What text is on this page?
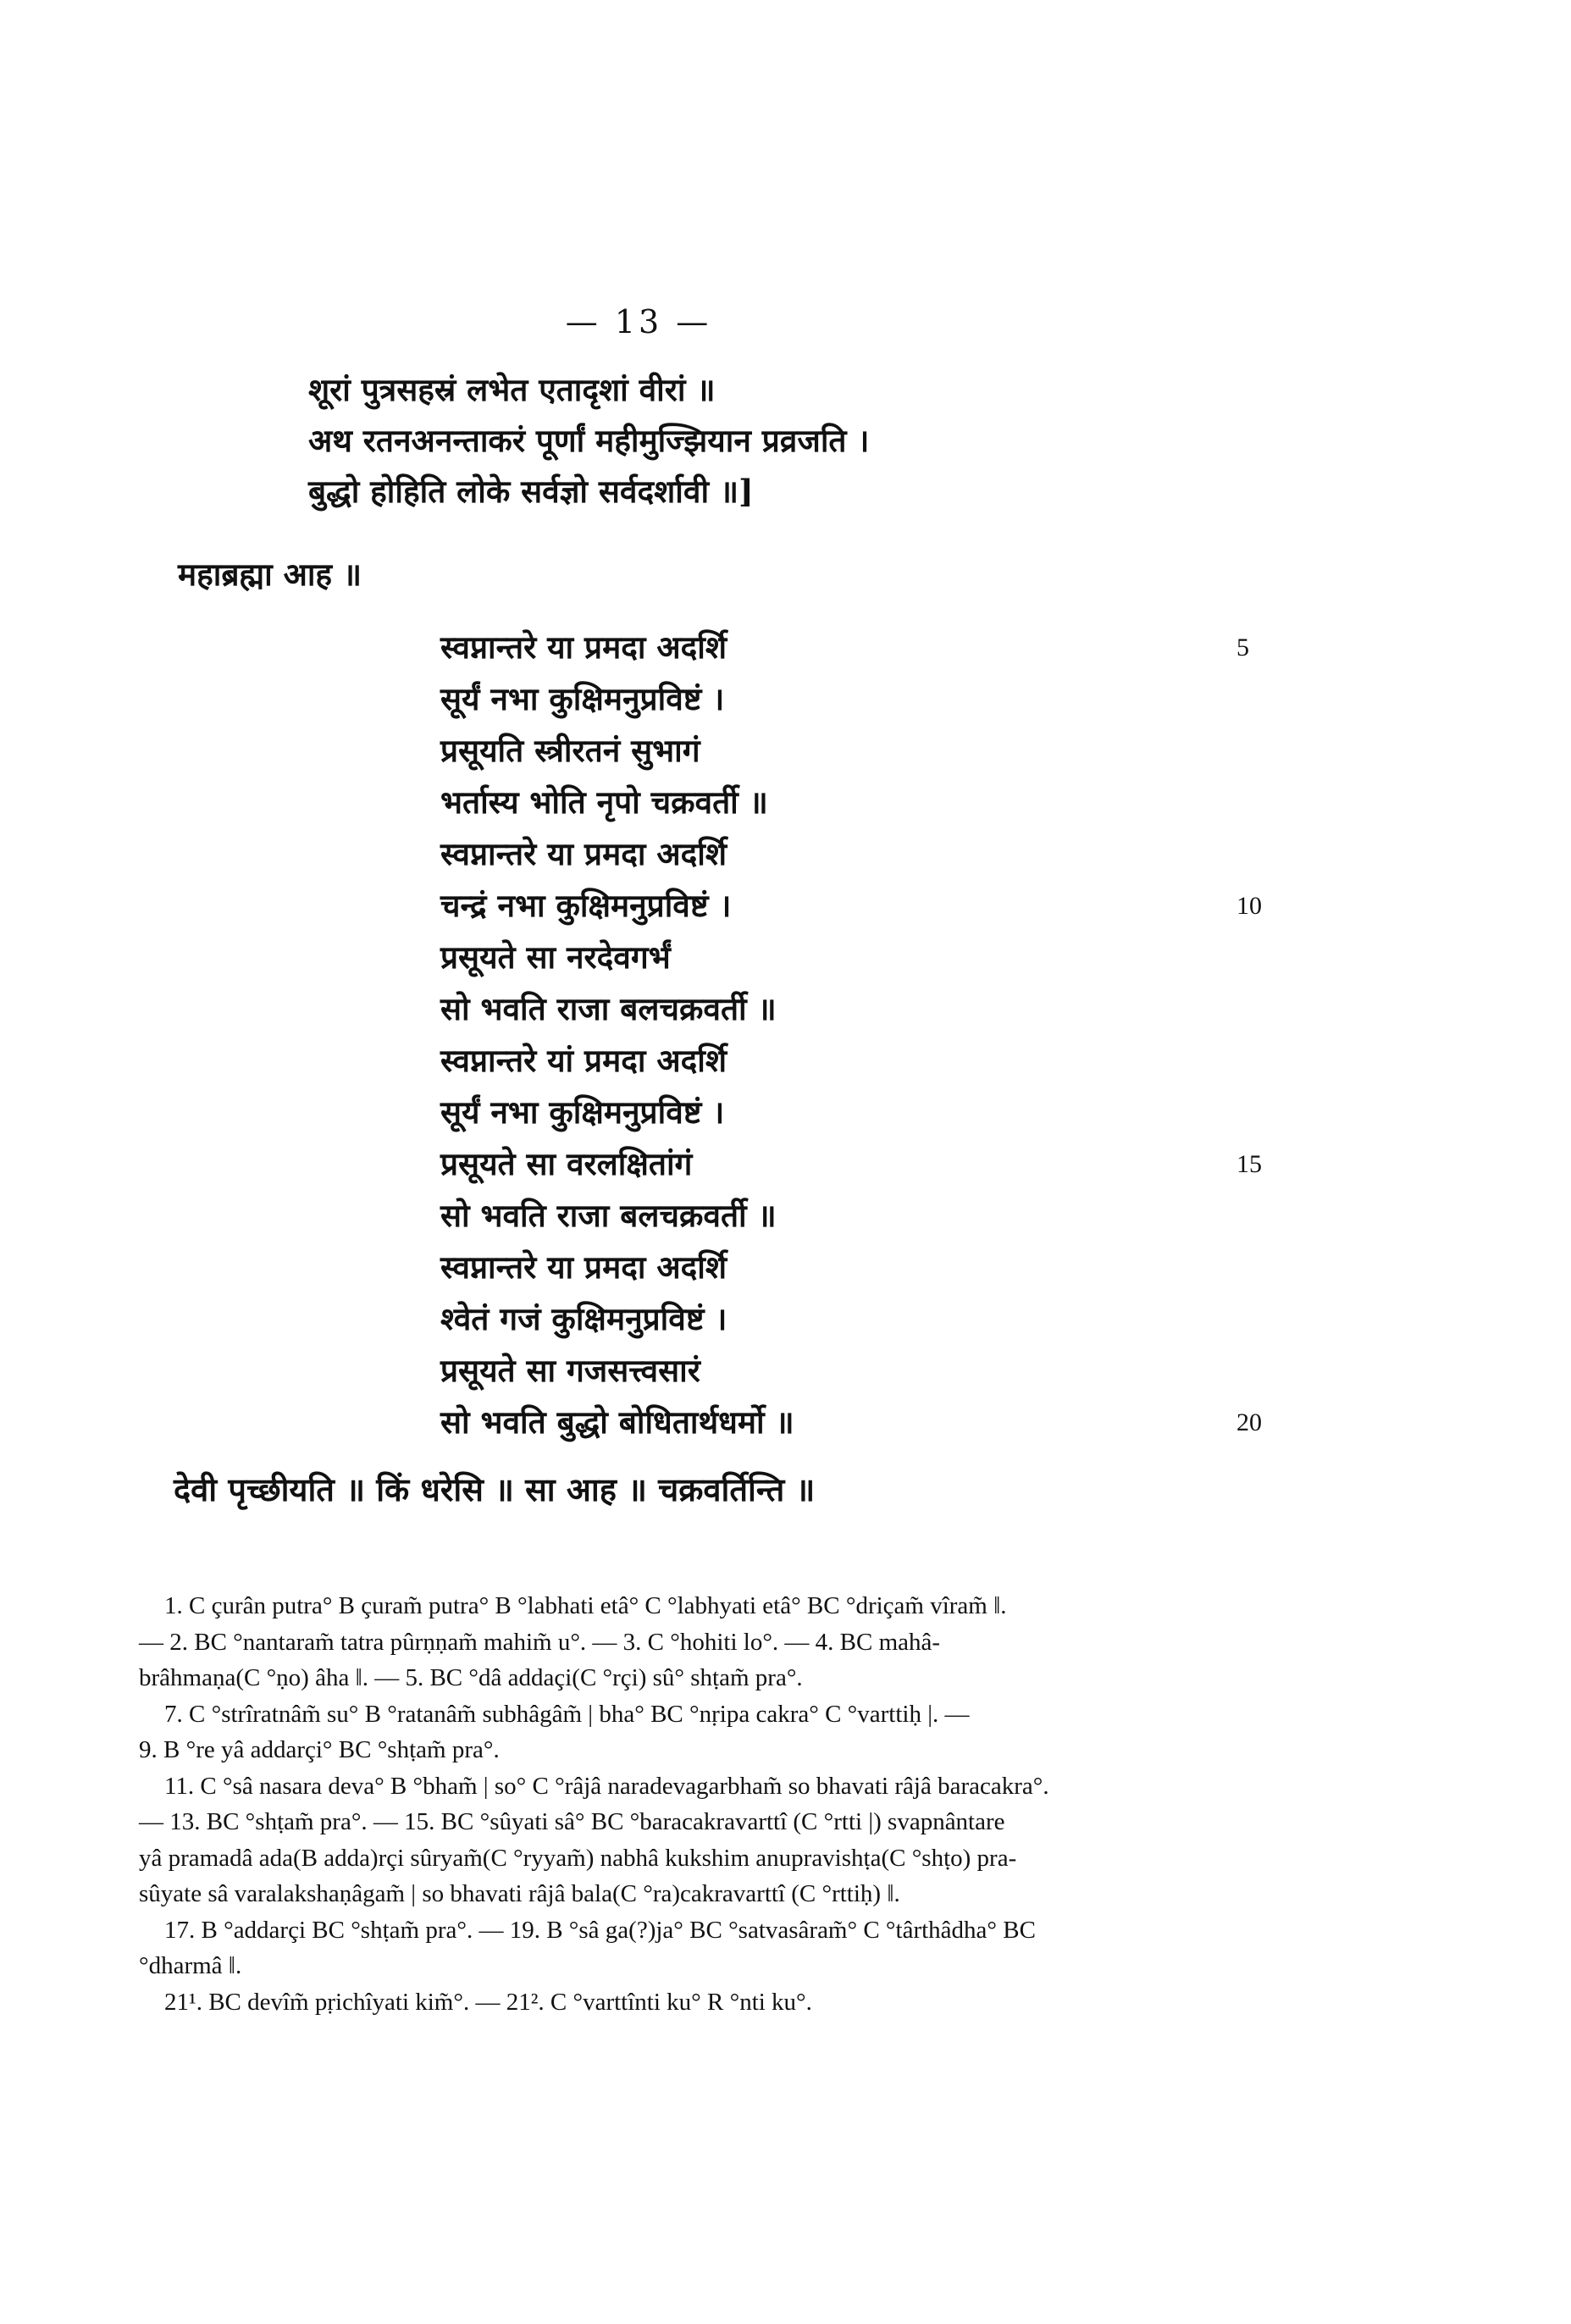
— 13 —
शूरां पुत्रसहस्रं लभेत एतादृशां वीरां ॥
अथ रतनअनन्ताकरं पूर्णां महीमुज्झियान प्रव्रजति ।
बुद्धो होहिति लोके सर्वज्ञो सर्वदर्शावी ॥]
महाब्रह्मा आह ॥
स्वप्नान्तरे या प्रमदा अदर्शि	5
सूर्यं नभा कुक्षिमनुप्रविष्टं ।
प्रसूयति स्त्रीरतनं सुभागं
भर्तास्य भोति नृपो चक्रवर्ती ॥
स्वप्नान्तरे या प्रमदा अदर्शि
चन्द्रं नभा कुक्षिमनुप्रविष्टं ।	10
प्रसूयते सा नरदेवगर्भं
सो भवति राजा बलचक्रवर्ती ॥
स्वप्नान्तरे यां प्रमदा अदर्शि
सूर्यं नभा कुक्षिमनुप्रविष्टं ।
प्रसूयते सा वरलक्षितांगं	15
सो भवति राजा बलचक्रवर्ती ॥
स्वप्नान्तरे या प्रमदा अदर्शि
श्वेतं गजं कुक्षिमनुप्रविष्टं ।
प्रसूयते सा गजसत्त्वसारं
सो भवति बुद्धो बोधितार्थधर्मो ॥	20
देवी पृच्छीयति ॥ किं धरेसि ॥ सा आह ॥ चक्रवर्तिन्ति ॥
1. C çurân putra° B çuram̃ putra° B °labhati etâ° C °labhyati etâ° BC °driçam̃ vîram̃ ‖.
— 2. BC °nantaram̃ tatra pûrṇṇam̃ mahim̃ u°. — 3. C °hohiti lo°. — 4. BC mahâ-
brâhmaṇa(C °ṇo) âha ‖. — 5. BC °dâ addaçi(C °rçi) sû° shṭam̃ pra°.
7. C °strîratnâm̃ su° B °ratanâm̃ subhâgâm̃ | bha° BC °nṛipa cakra° C °varttiḥ |. —
9. B °re yâ addarçi° BC °shṭam̃ pra°.
11. C °sâ nasara deva° B °bham̃ | so° C °râjâ naradevagarbham̃ so bhavati râjâ baracakra°.
— 13. BC °shṭam̃ pra°. — 15. BC °sûyati sâ° BC °baracakravarttî (C °rtti |) svapnântare
yâ pramadâ ada(B adda)rçi sûryam̃(C °ryyam̃) nabhâ kukshim anupravishṭa(C °shṭo) pra-
sûyate sâ varalakshaṇâgam̃ | so bhavati râjâ bala(C °ra)cakravarttî (C °rttiḥ) ‖.
17. B °addarçi BC °shṭam̃ pra°. — 19. B °sâ ga(?)ja° BC °satvasâram̃° C °târthâdha° BC
°dharmâ ‖.
21¹. BC devîm̃ pṛichîyati kim̃°. — 21². C °varttînti ku° R °nti ku°.
